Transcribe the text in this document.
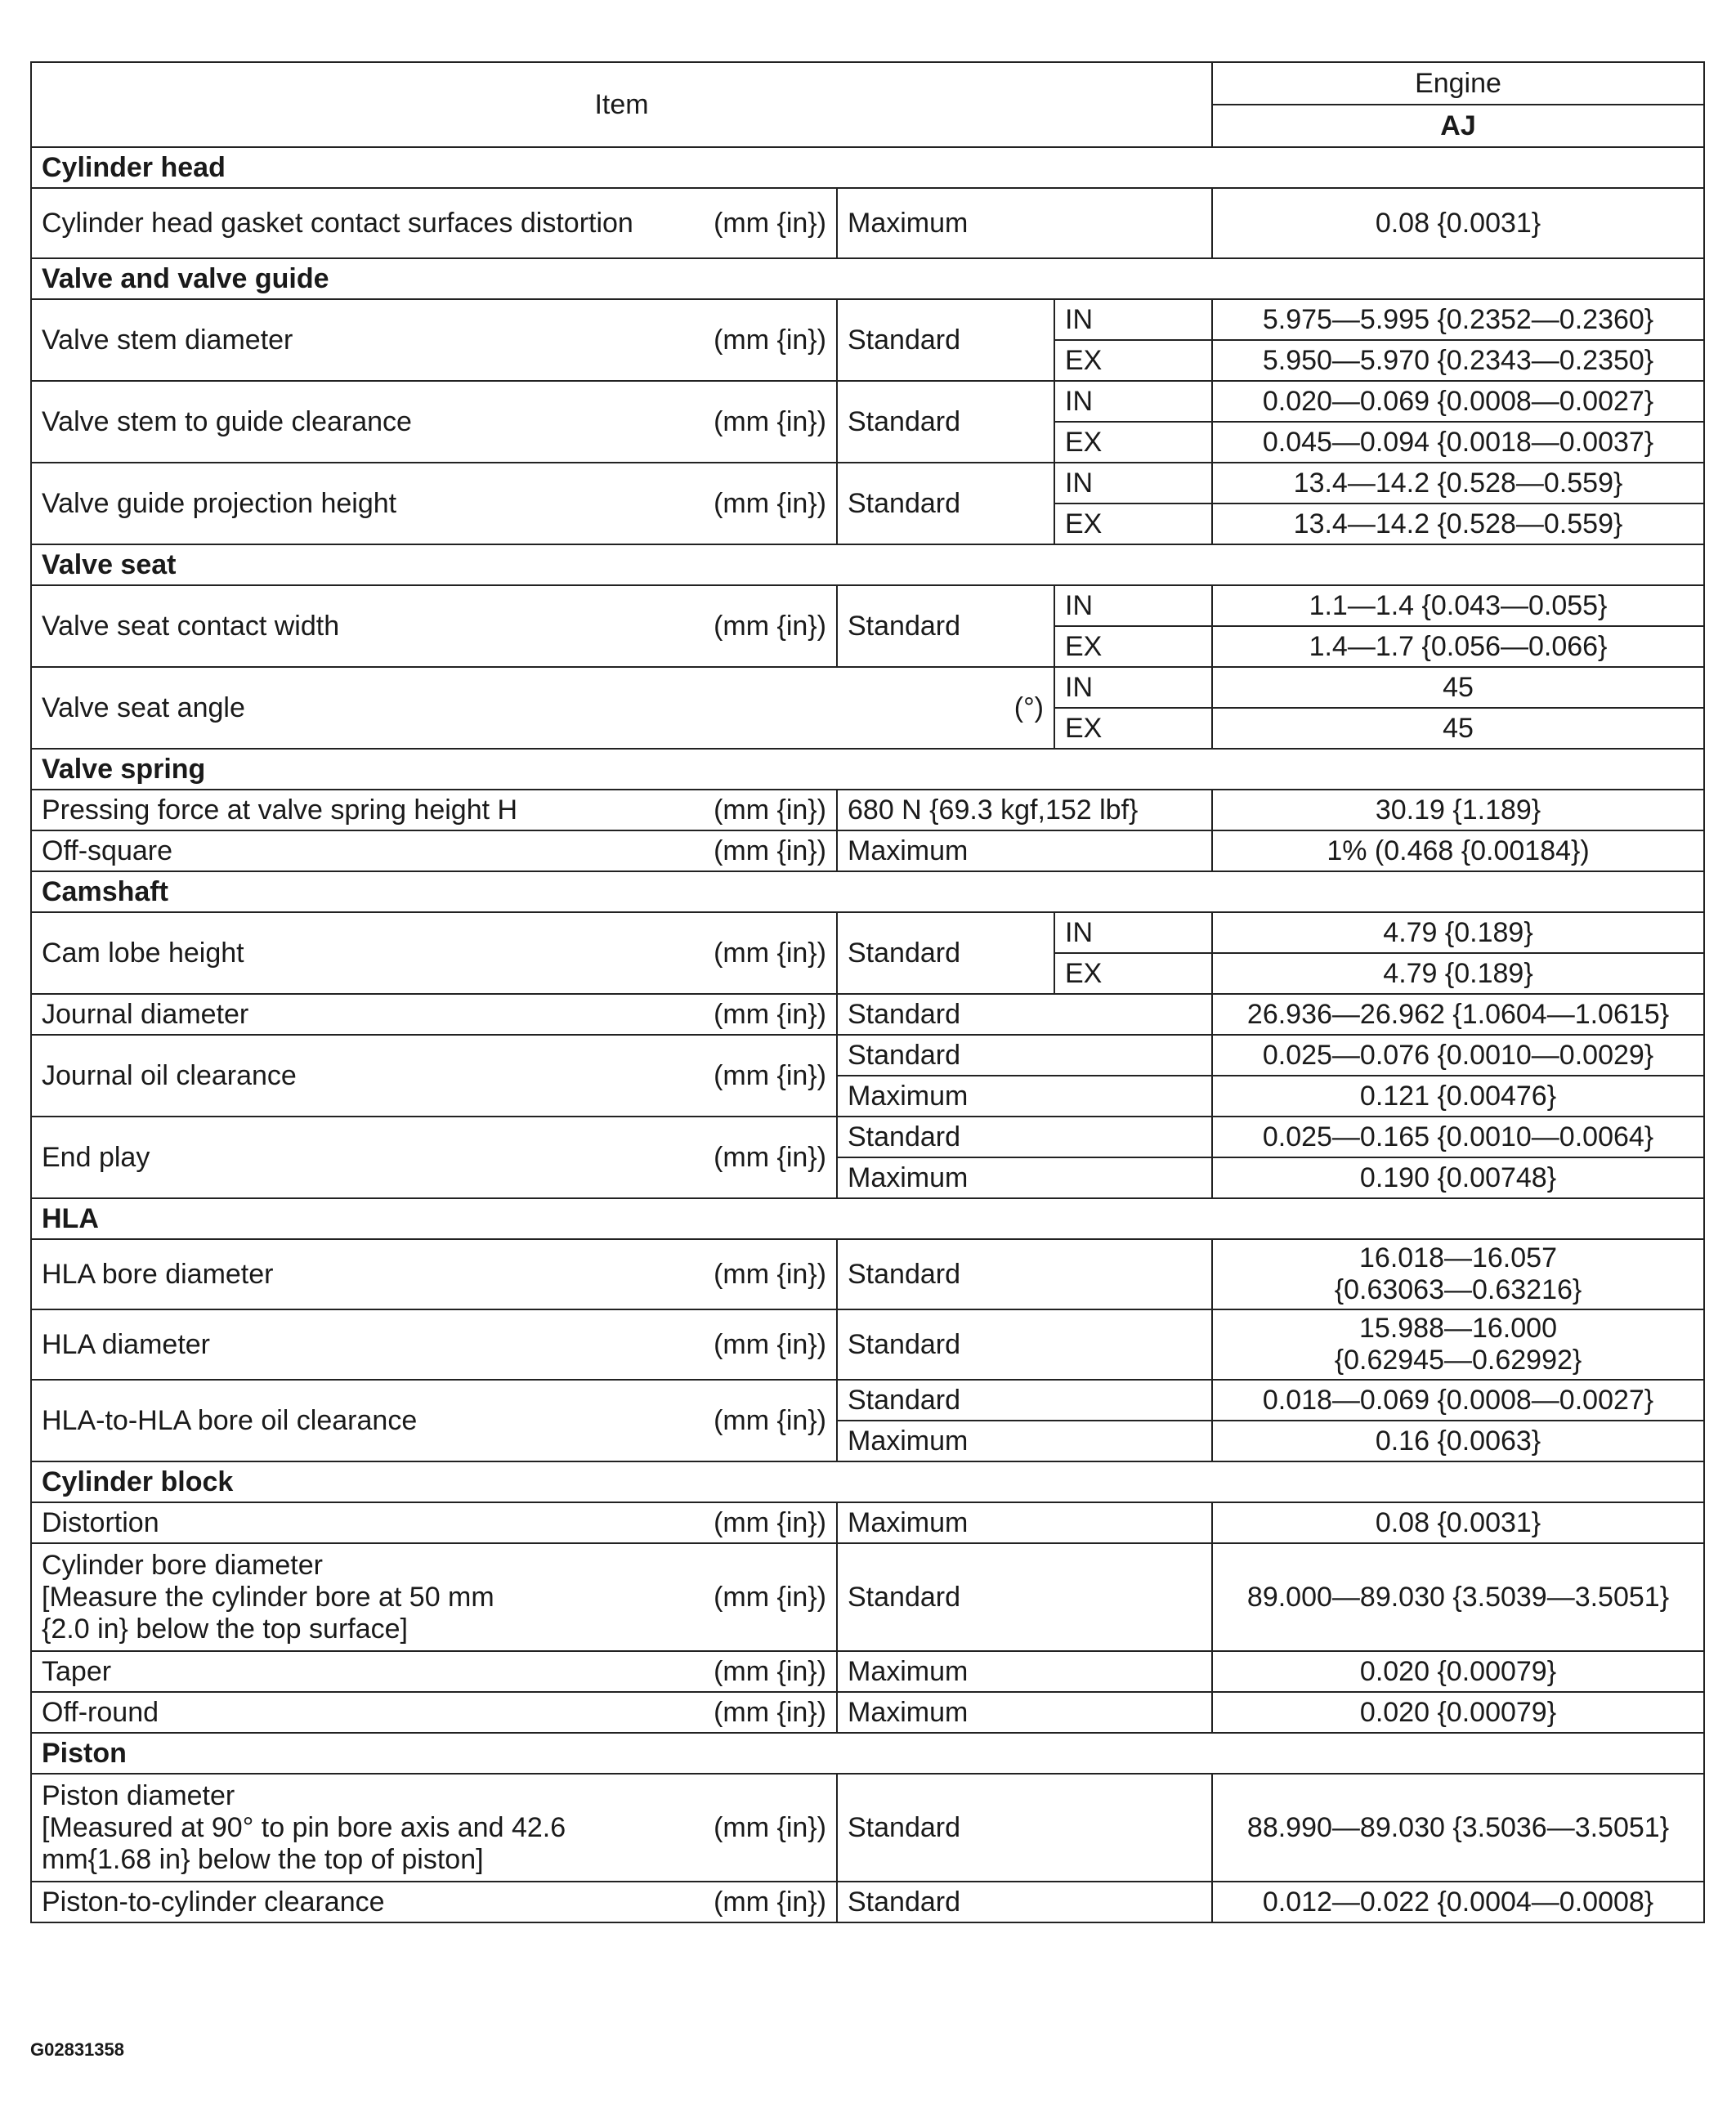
Item				Engine
				AJ
Cylinder head				
Cylinder head gasket contact surfaces distortion	(mm {in})	Maximum		0.08 {0.0031}
Valve and valve guide				
Valve stem diameter	(mm {in})	Standard	IN	5.975—5.995 {0.2352—0.2360}
			EX	5.950—5.970 {0.2343—0.2350}
Valve stem to guide clearance	(mm {in})	Standard	IN	0.020—0.069 {0.0008—0.0027}
			EX	0.045—0.094 {0.0018—0.0037}
Valve guide projection height	(mm {in})	Standard	IN	13.4—14.2 {0.528—0.559}
			EX	13.4—14.2 {0.528—0.559}
Valve seat				
Valve seat contact width	(mm {in})	Standard	IN	1.1—1.4 {0.043—0.055}
			EX	1.4—1.7 {0.056—0.066}
Valve seat angle	(°)		IN	45
			EX	45
Valve spring				
Pressing force at valve spring height H	(mm {in})	680 N {69.3 kgf,152 lbf}		30.19 {1.189}
Off-square	(mm {in})	Maximum		1% (0.468 {0.00184})
Camshaft				
Cam lobe height	(mm {in})	Standard	IN	4.79 {0.189}
			EX	4.79 {0.189}
Journal diameter	(mm {in})	Standard		26.936—26.962 {1.0604—1.0615}
Journal oil clearance	(mm {in})	Standard		0.025—0.076 {0.0010—0.0029}
		Maximum		0.121 {0.00476}
End play	(mm {in})	Standard		0.025—0.165 {0.0010—0.0064}
		Maximum		0.190 {0.00748}
HLA				
HLA bore diameter	(mm {in})	Standard		16.018—16.057
{0.63063—0.63216}
HLA diameter	(mm {in})	Standard		15.988—16.000
{0.62945—0.62992}
HLA-to-HLA bore oil clearance	(mm {in})	Standard		0.018—0.069 {0.0008—0.0027}
		Maximum		0.16 {0.0063}
Cylinder block				
Distortion	(mm {in})	Maximum		0.08 {0.0031}
Cylinder bore diameter
[Measure the cylinder bore at 50 mm
{2.0 in} below the top surface]	(mm {in})	Standard		89.000—89.030 {3.5039—3.5051}
Taper	(mm {in})	Maximum		0.020 {0.00079}
Off-round	(mm {in})	Maximum		0.020 {0.00079}
Piston				
Piston diameter
[Measured at 90° to pin bore axis and 42.6
mm{1.68 in} below the top of piston]	(mm {in})	Standard		88.990—89.030 {3.5036—3.5051}
Piston-to-cylinder clearance	(mm {in})	Standard		0.012—0.022 {0.0004—0.0008}
G02831358
